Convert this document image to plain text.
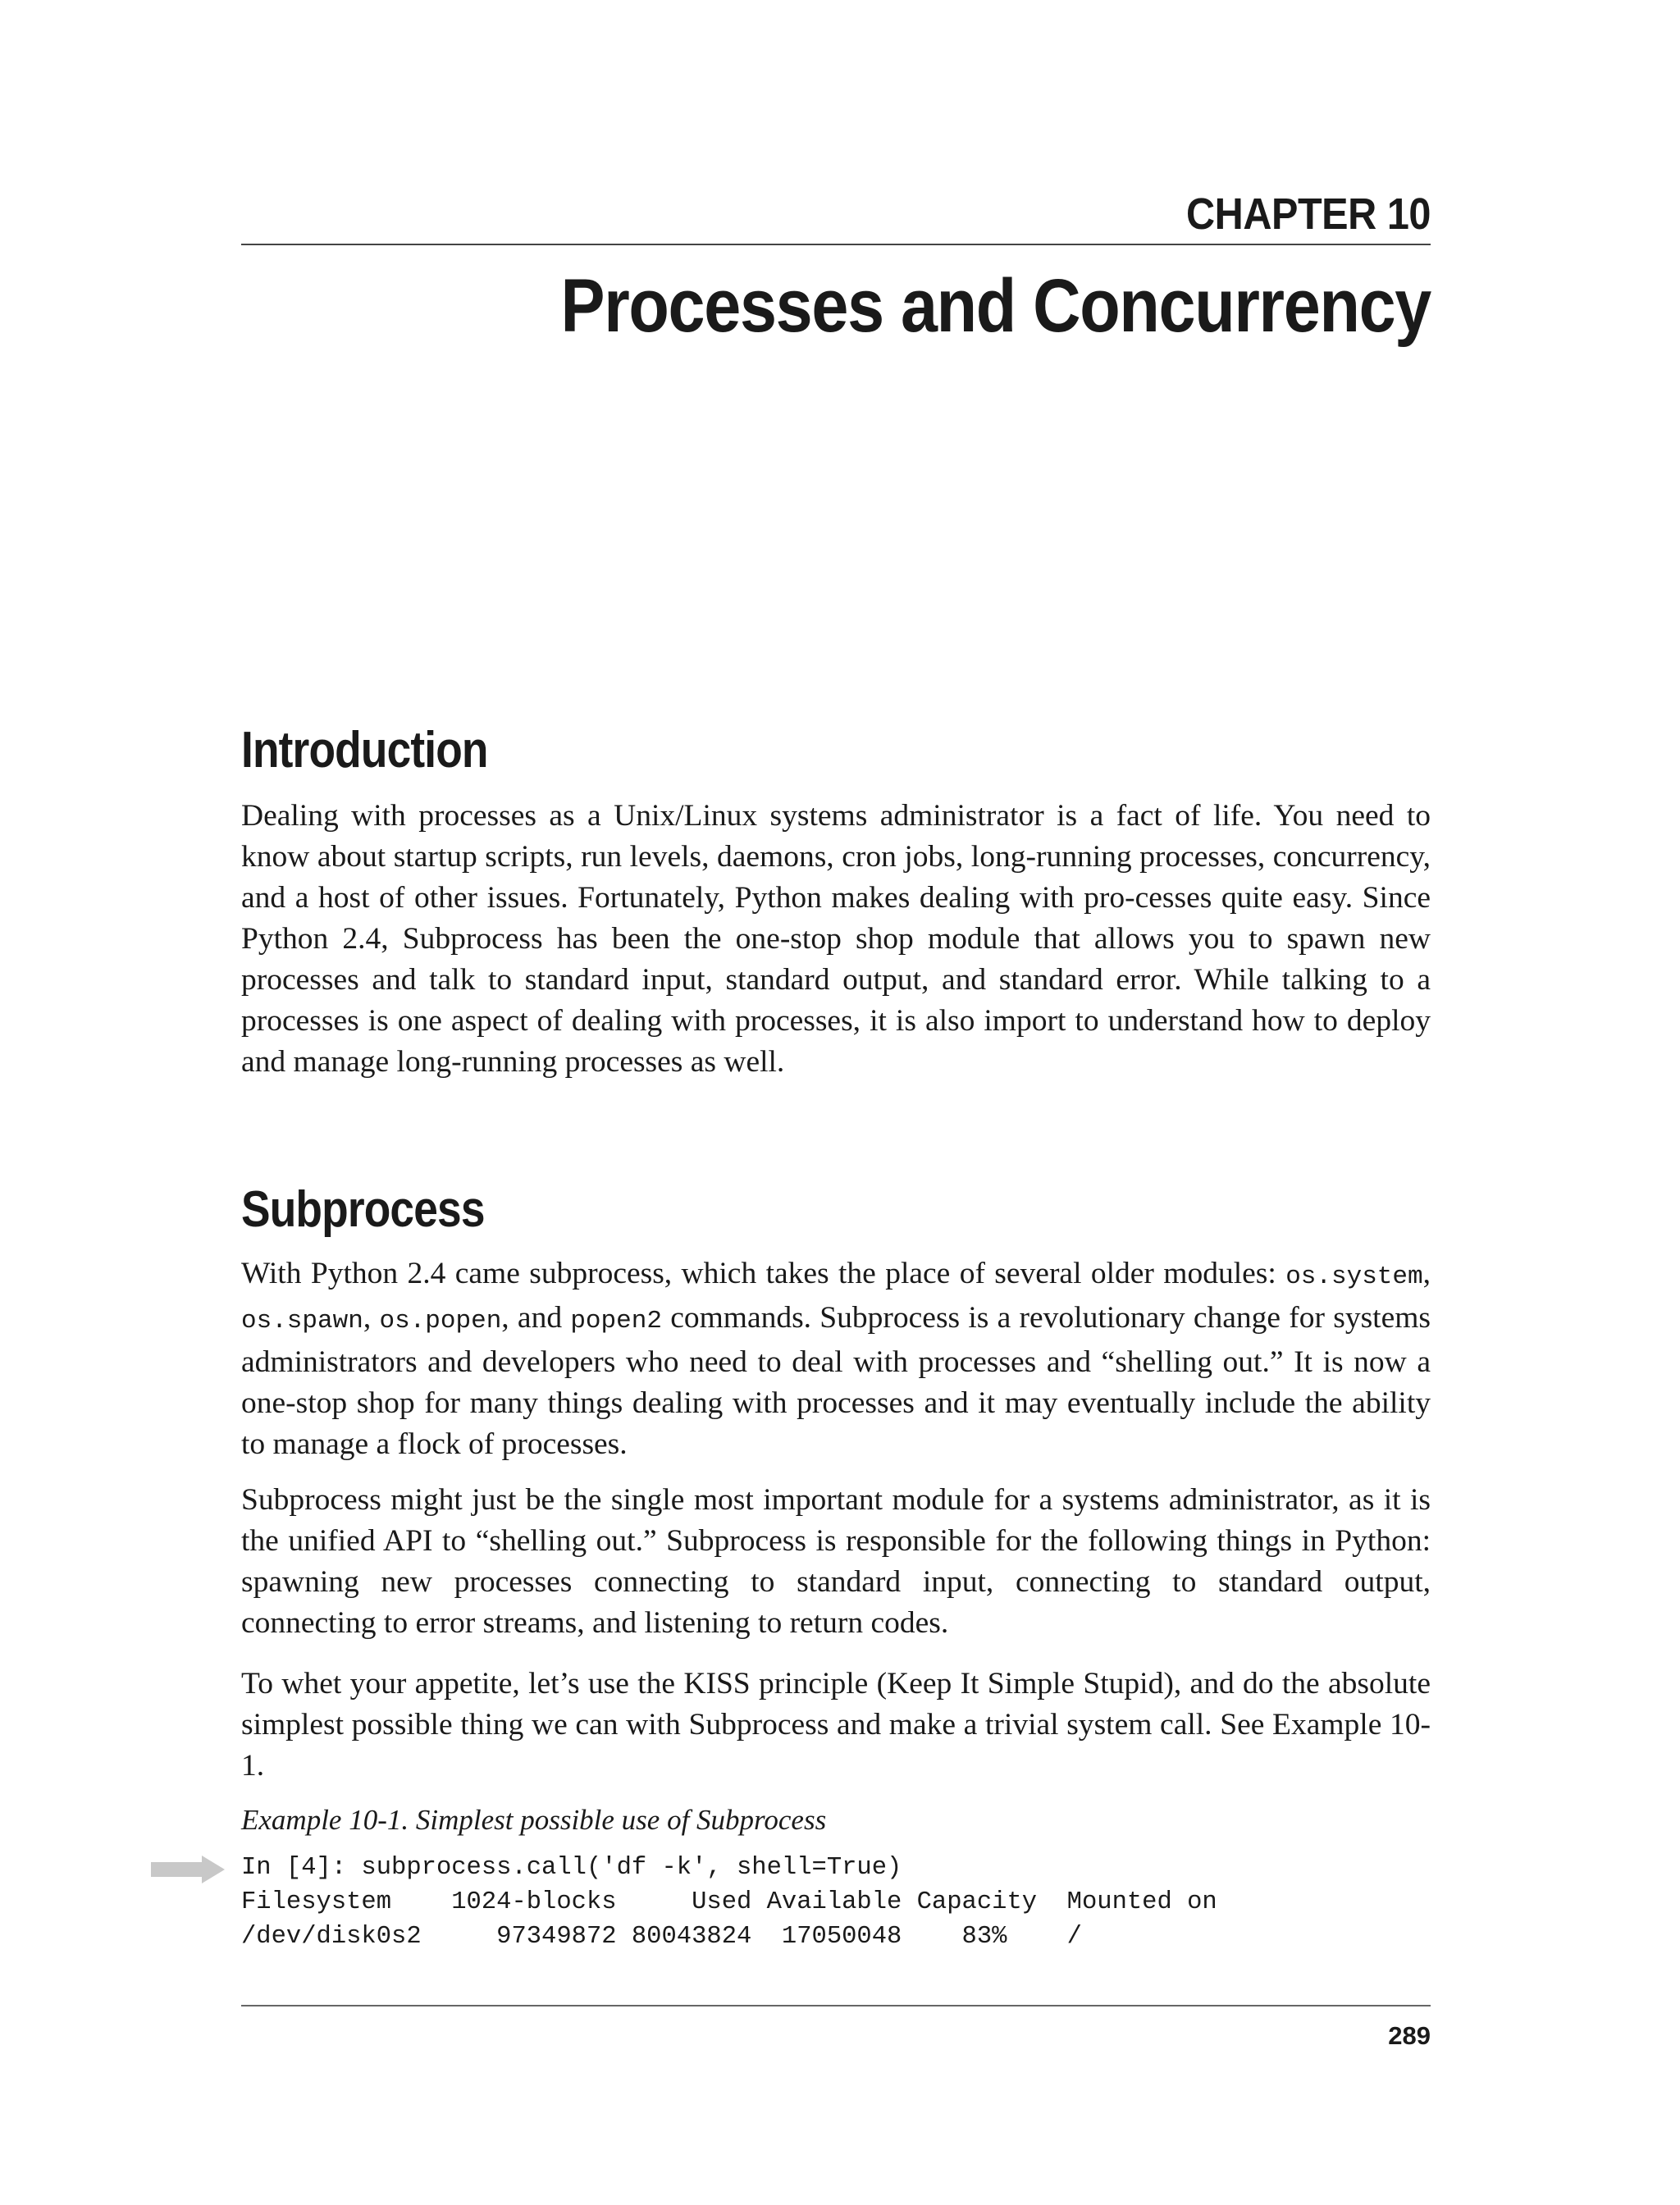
CHAPTER 10
Processes and Concurrency
Introduction

Dealing with processes as a Unix/Linux systems administrator is a fact of life. You need to know about startup scripts, run levels, daemons, cron jobs, long-running processes, concurrency, and a host of other issues. Fortunately, Python makes dealing with pro-cesses quite easy. Since Python 2.4, Subprocess has been the one-stop shop module that allows you to spawn new processes and talk to standard input, standard output, and standard error. While talking to a processes is one aspect of dealing with processes, it is also import to understand how to deploy and manage long-running processes as well.

Subprocess

With Python 2.4 came subprocess, which takes the place of several older modules: os.system, os.spawn, os.popen, and popen2 commands. Subprocess is a revolutionary change for systems administrators and developers who need to deal with processes and “shelling out.” It is now a one-stop shop for many things dealing with processes and it may eventually include the ability to manage a flock of processes.

Subprocess might just be the single most important module for a systems administrator, as it is the unified API to “shelling out.” Subprocess is responsible for the following things in Python: spawning new processes connecting to standard input, connecting to standard output, connecting to error streams, and listening to return codes.

To whet your appetite, let’s use the KISS principle (Keep It Simple Stupid), and do the absolute simplest possible thing we can with Subprocess and make a trivial system call. See Example 10-1.

Example 10-1. Simplest possible use of Subprocess
In [4]: subprocess.call('df -k', shell=True)
Filesystem    1024-blocks     Used Available Capacity  Mounted on
/dev/disk0s2     97349872 80043824  17050048    83%    /
289
